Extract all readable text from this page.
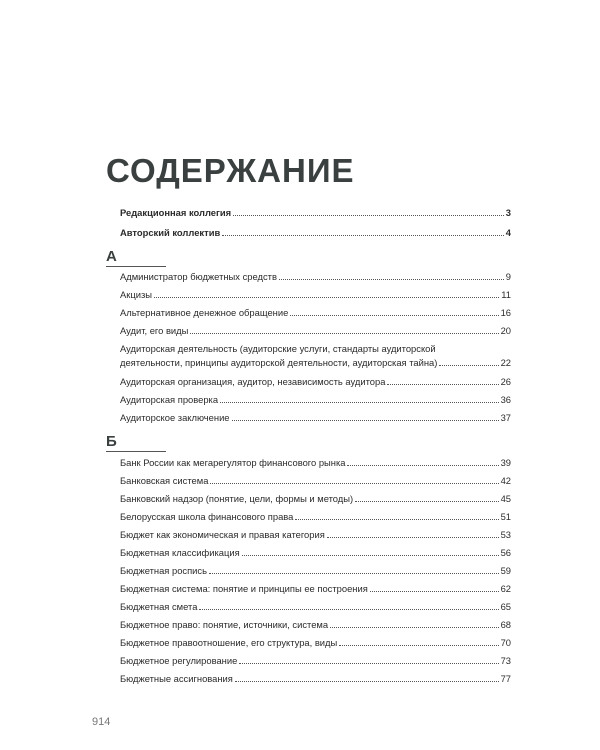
СОДЕРЖАНИЕ
Редакционная коллегия	3
Авторский коллектив	4
А
Администратор бюджетных средств	9
Акцизы	11
Альтернативное денежное обращение	16
Аудит, его виды	20
Аудиторская деятельность (аудиторские услуги, стандарты аудиторской
деятельности, принципы аудиторской деятельности, аудиторская тайна)	22
Аудиторская организация, аудитор, независимость аудитора	26
Аудиторская проверка	36
Аудиторское заключение	37
Б
Банк России как мегарегулятор финансового рынка	39
Банковская система	42
Банковский надзор (понятие, цели, формы и методы)	45
Белорусская школа финансового права	51
Бюджет как экономическая и правая категория	53
Бюджетная классификация	56
Бюджетная роспись	59
Бюджетная система: понятие и принципы ее построения	62
Бюджетная смета	65
Бюджетное право: понятие, источники, система	68
Бюджетное правоотношение, его структура, виды	70
Бюджетное регулирование	73
Бюджетные ассигнования	77
914
